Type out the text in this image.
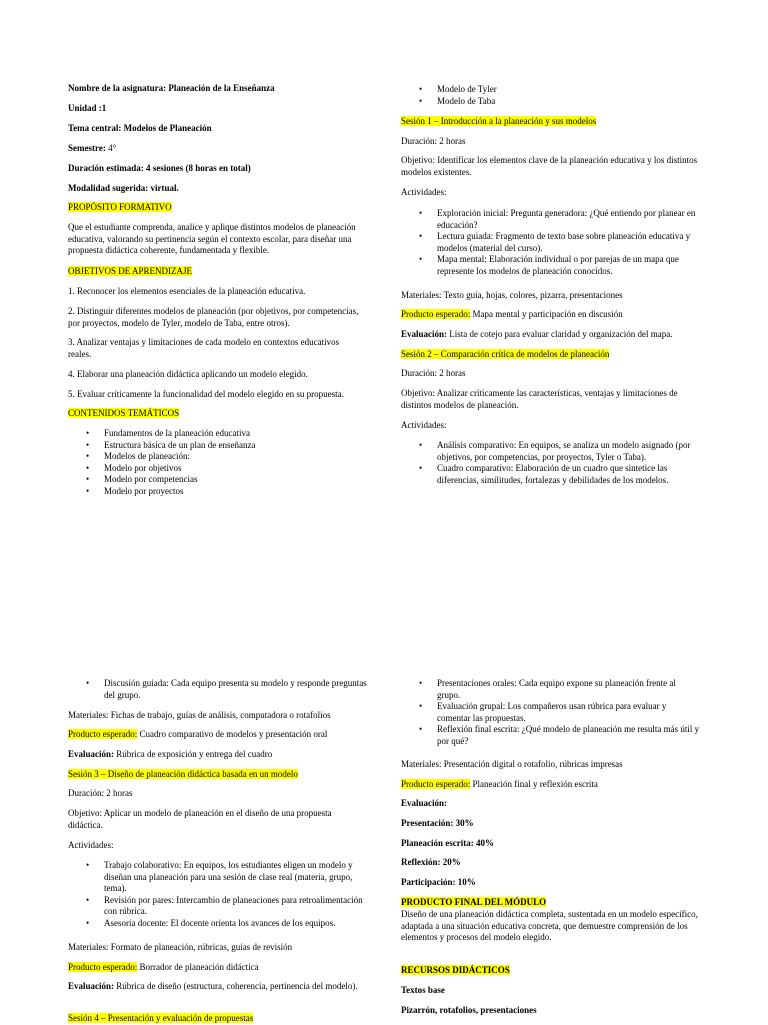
Nombre de la asignatura: Planeación de la Enseñanza

Unidad :1

Tema central: Modelos de Planeación

Semestre: 4°

Duración estimada: 4 sesiones (8 horas en total)

Modalidad sugerida: virtual.

PROPÓSITO FORMATIVO

Que el estudiante comprenda, analice y aplique distintos modelos de planeación educativa, valorando su pertinencia según el contexto escolar, para diseñar una propuesta didáctica coherente, fundamentada y flexible.

OBJETIVOS DE APRENDIZAJE

1. Reconocer los elementos esenciales de la planeación educativa.

2. Distinguir diferentes modelos de planeación (por objetivos, por competencias, por proyectos, modelo de Tyler, modelo de Taba, entre otros).

3. Analizar ventajas y limitaciones de cada modelo en contextos educativos reales.

4. Elaborar una planeación didáctica aplicando un modelo elegido.

5. Evaluar críticamente la funcionalidad del modelo elegido en su propuesta.

CONTENIDOS TEMÁTICOS

• Fundamentos de la planeación educativa
• Estructura básica de un plan de enseñanza
• Modelos de planeación:
• Modelo por objetivos
• Modelo por competencias
• Modelo por proyectos
• Modelo de Tyler
• Modelo de Taba

Sesión 1 – Introducción a la planeación y sus modelos

Duración: 2 horas

Objetivo: Identificar los elementos clave de la planeación educativa y los distintos modelos existentes.

Actividades:

• Exploración inicial: Pregunta generadora: ¿Qué entiendo por planear en educación?
• Lectura guiada: Fragmento de texto base sobre planeación educativa y modelos (material del curso).
• Mapa mental: Elaboración individual o por parejas de un mapa que represente los modelos de planeación conocidos.

Materiales: Texto guía, hojas, colores, pizarra, presentaciones

Producto esperado: Mapa mental y participación en discusión

Evaluación: Lista de cotejo para evaluar claridad y organización del mapa.

Sesión 2 – Comparación crítica de modelos de planeación

Duración: 2 horas

Objetivo: Analizar críticamente las características, ventajas y limitaciones de distintos modelos de planeación.

Actividades:

• Análisis comparativo: En equipos, se analiza un modelo asignado (por objetivos, por competencias, por proyectos, Tyler o Taba).
• Cuadro comparativo: Elaboración de un cuadro que sintetice las diferencias, similitudes, fortalezas y debilidades de los modelos.
• Discusión guiada: Cada equipo presenta su modelo y responde preguntas del grupo.

Materiales: Fichas de trabajo, guías de análisis, computadora o rotafolios

Producto esperado: Cuadro comparativo de modelos y presentación oral

Evaluación: Rúbrica de exposición y entrega del cuadro

Sesión 3 – Diseño de planeación didáctica basada en un modelo

Duración: 2 horas

Objetivo: Aplicar un modelo de planeación en el diseño de una propuesta didáctica.

Actividades:

• Trabajo colaborativo: En equipos, los estudiantes eligen un modelo y diseñan una planeación para una sesión de clase real (materia, grupo, tema).
• Revisión por pares: Intercambio de planeaciones para retroalimentación con rúbrica.
• Asesoría docente: El docente orienta los avances de los equipos.

Materiales: Formato de planeación, rúbricas, guías de revisión

Producto esperado: Borrador de planeación didáctica

Evaluación: Rúbrica de diseño (estructura, coherencia, pertinencia del modelo).

Sesión 4 – Presentación y evaluación de propuestas

• Presentaciones orales: Cada equipo expone su planeación frente al grupo.
• Evaluación grupal: Los compañeros usan rúbrica para evaluar y comentar las propuestas.
• Reflexión final escrita: ¿Qué modelo de planeación me resulta más útil y por qué?

Materiales: Presentación digital o rotafolio, rúbricas impresas

Producto esperado: Planeación final y reflexión escrita

Evaluación:

Presentación: 30%

Planeación escrita: 40%

Reflexión: 20%

Participación: 10%

PRODUCTO FINAL DEL MÓDULO

Diseño de una planeación didáctica completa, sustentada en un modelo específico, adaptada a una situación educativa concreta, que demuestre comprensión de los elementos y procesos del modelo elegido.

RECURSOS DIDÁCTICOS

Textos base

Pizarrón, rotafolios, presentaciones
